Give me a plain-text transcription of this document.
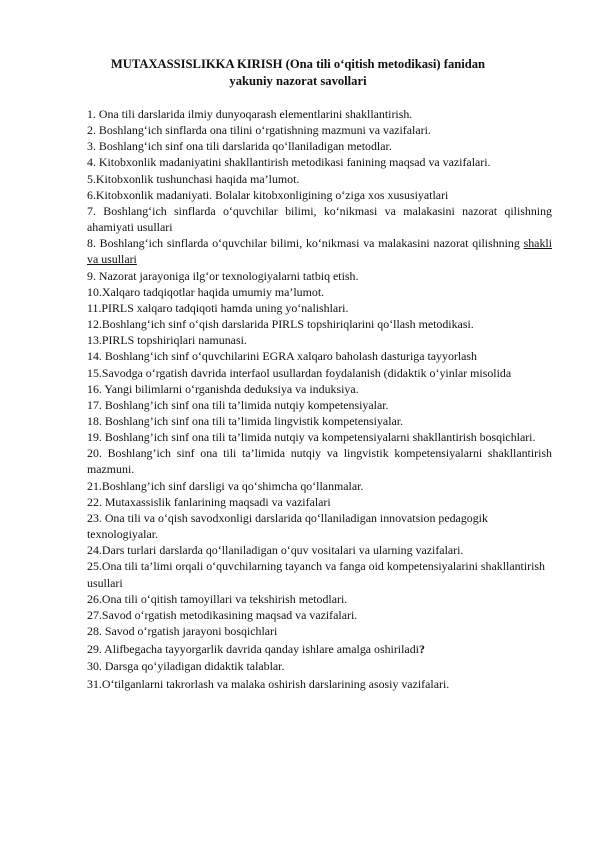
MUTAXASSISLIKKA KIRISH (Ona tili o‘qitish metodikasi) fanidan
yakuniy nazorat savollari
1. Ona tili darslarida ilmiy dunyoqarash elementlarini shakllantirish.
2. Boshlang‘ich sinflarda ona tilini o‘rgatishning mazmuni va vazifalari.
3. Boshlang‘ich sinf ona tili darslarida qo‘llaniladigan metodlar.
4. Kitobxonlik madaniyatini shakllantirish metodikasi fanining maqsad va vazifalari.
5.Kitobxonlik tushunchasi haqida ma’lumot.
6.Kitobxonlik madaniyati. Bolalar kitobxonligining o‘ziga xos xususiyatlari
7. Boshlang‘ich sinflarda o‘quvchilar bilimi, ko‘nikmasi va malakasini nazorat qilishning ahamiyati usullari
8. Boshlang‘ich sinflarda o‘quvchilar bilimi, ko‘nikmasi va malakasini nazorat qilishning shakli va usullari
9. Nazorat jarayoniga ilg‘or texnologiyalarni tatbiq etish.
10.Xalqaro tadqiqotlar haqida umumiy ma’lumot.
11.PIRLS xalqaro tadqiqoti hamda uning yo‘nalishlari.
12.Boshlang‘ich sinf o‘qish darslarida PIRLS topshiriqlarini qo‘llash metodikasi.
13.PIRLS topshiriqlari namunasi.
14. Boshlang‘ich sinf o‘quvchilarini EGRA xalqaro baholash dasturiga tayyorlash
15.Savodga o‘rgatish davrida interfaol usullardan foydalanish (didaktik o‘yinlar misolida
16. Yangi bilimlarni o‘rganishda deduksiya va induksiya.
17. Boshlang’ich sinf ona tili ta’limida nutqiy kompetensiyalar.
18. Boshlang’ich sinf ona tili ta’limida lingvistik kompetensiyalar.
19. Boshlang’ich sinf ona tili ta’limida nutqiy va kompetensiyalarni shakllantirish bosqichlari.
20. Boshlang’ich sinf ona tili ta’limida nutqiy va lingvistik kompetensiyalarni shakllantirish mazmuni.
21.Boshlang’ich sinf darsligi va qo‘shimcha qo‘llanmalar.
22. Mutaxassislik fanlarining maqsadi va vazifalari
23. Ona tili va o‘qish savodxonligi darslarida qo‘llaniladigan innovatsion pedagogik texnologiyalar.
24.Dars turlari darslarda qo‘llaniladigan o‘quv vositalari va ularning vazifalari.
25.Ona tili ta’limi orqali o‘quvchilarning tayanch va fanga oid kompetensiyalarini shakllantirish usullari
26.Ona tili o‘qitish tamoyillari va tekshirish metodlari.
27.Savod o‘rgatish metodikasining maqsad va vazifalari.
28. Savod o‘rgatish jarayoni bosqichlari
29. Alifbegacha tayyorgarlik davrida qanday ishlare amalga oshiriladi?
30. Darsga qo‘yiladigan didaktik talablar.
31.O‘tilganlarni takrorlash va malaka oshirish darslarining asosiy vazifalari.
